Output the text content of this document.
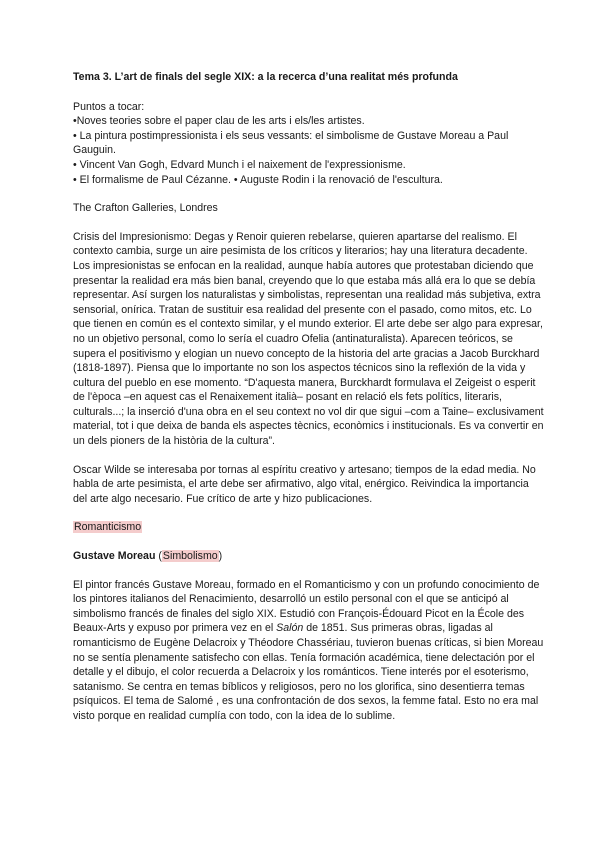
Tema 3. L’art de finals del segle XIX: a la recerca d’una realitat més profunda

Puntos a tocar:

•Noves teories sobre el paper clau de les arts i els/les artistes.

• La pintura postimpressionista i els seus vessants: el simbolisme de Gustave Moreau a Paul Gauguin.

• Vincent Van Gogh, Edvard Munch i el naixement de l'expressionisme.

• El formalisme de Paul Cézanne. • Auguste Rodin i la renovació de l'escultura.

The Crafton Galleries, Londres

Crisis del Impresionismo: Degas y Renoir quieren rebelarse, quieren apartarse del realismo. El contexto cambia, surge un aire pesimista de los críticos y literarios; hay una literatura decadente. Los impresionistas se enfocan en la realidad, aunque había autores que protestaban diciendo que presentar la realidad era más bien banal, creyendo que lo que estaba más allá era lo que se debía representar. Así surgen los naturalistas y simbolistas, representan una realidad más subjetiva, extra sensorial, onírica. Tratan de sustituir esa realidad del presente con el pasado, como mitos, etc. Lo que tienen en común es el contexto similar, y el mundo exterior. El arte debe ser algo para expresar, no un objetivo personal, como lo sería el cuadro Ofelia (antinaturalista). Aparecen teóricos, se supera el positivismo y elogian un nuevo concepto de la historia del arte gracias a Jacob Burckhard (1818-1897). Piensa que lo importante no son los aspectos técnicos sino la reflexión de la vida y cultura del pueblo en ese momento. “D'aquesta manera, Burckhardt formulava el Zeigeist o esperit de l'època –en aquest cas el Renaixement italià– posant en relació els fets polítics, literaris, culturals...; la inserció d'una obra en el seu context no vol dir que sigui –com a Taine– exclusivament material, tot i que deixa de banda els aspectes tècnics, econòmics i institucionals. Es va convertir en un dels pioners de la història de la cultura”.

Oscar Wilde se interesaba por tornas al espíritu creativo y artesano; tiempos de la edad media. No habla de arte pesimista, el arte debe ser afirmativo, algo vital, enérgico. Reivindica la importancia del arte algo necesario. Fue crítico de arte y hizo publicaciones.

Romanticismo

Gustave Moreau (Simbolismo)

El pintor francés Gustave Moreau, formado en el Romanticismo y con un profundo conocimiento de los pintores italianos del Renacimiento, desarrolló un estilo personal con el que se anticipó al simbolismo francés de finales del siglo XIX. Estudió con François-Édouard Picot en la École des Beaux-Arts y expuso por primera vez en el Salón de 1851. Sus primeras obras, ligadas al romanticismo de Eugène Delacroix y Théodore Chassériau, tuvieron buenas críticas, si bien Moreau no se sentía plenamente satisfecho con ellas. Tenía formación académica, tiene delectación por el detalle y el dibujo, el color recuerda a Delacroix y los románticos. Tiene interés por el esoterismo, satanismo. Se centra en temas bíblicos y religiosos, pero no los glorifica, sino desentierra temas psíquicos. El tema de Salomé , es una confrontación de dos sexos, la femme fatal. Esto no era mal visto porque en realidad cumplía con todo, con la idea de lo sublime.
